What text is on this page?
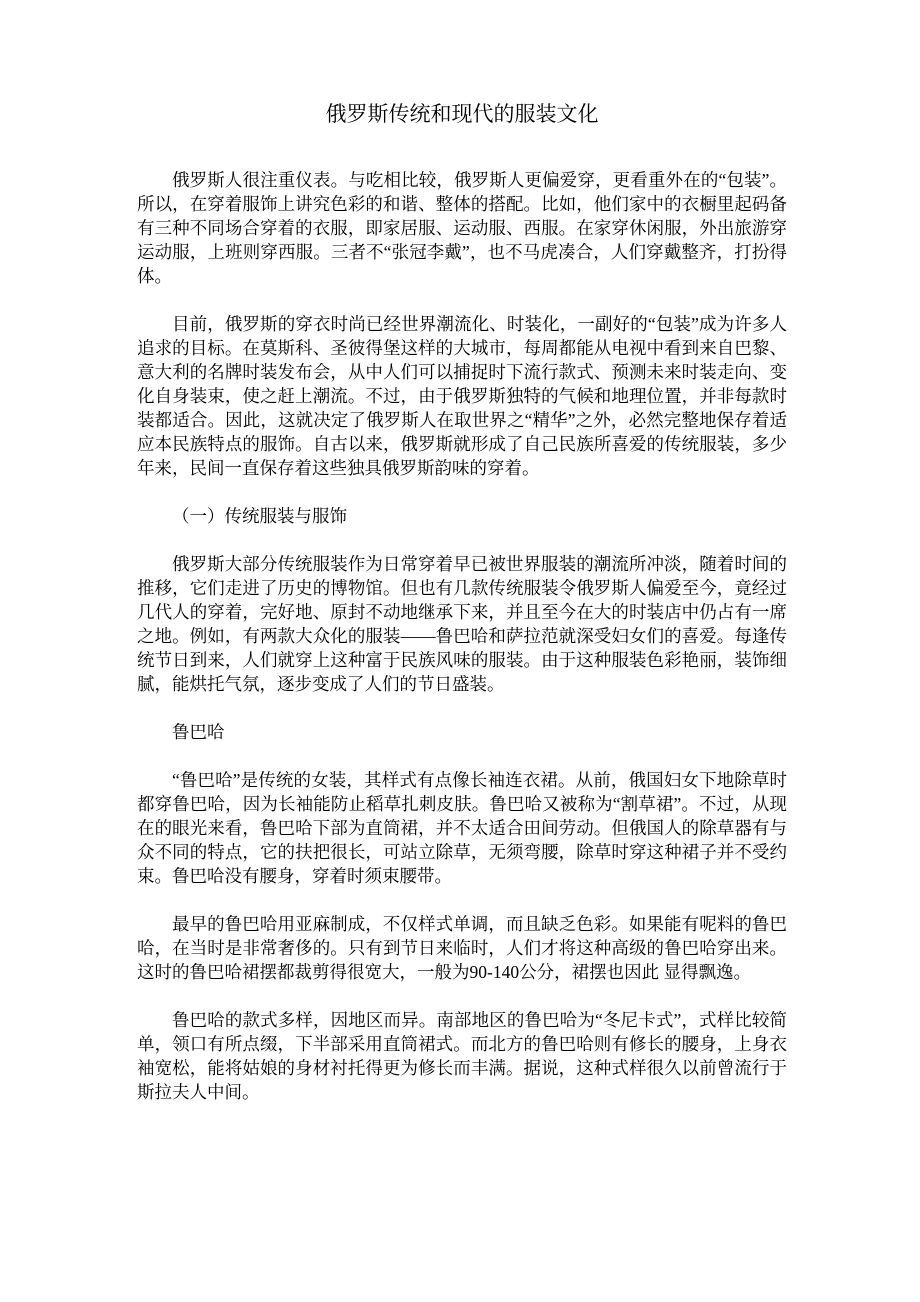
俄罗斯传统和现代的服装文化

俄罗斯人很注重仪表。与吃相比较，俄罗斯人更偏爱穿，更看重外在的“包装”。所以，在穿着服饰上讲究色彩的和谐、整体的搭配。比如，他们家中的衣橱里起码备有三种不同场合穿着的衣服，即家居服、运动服、西服。在家穿休闲服，外出旅游穿运动服，上班则穿西服。三者不“张冠李戴”，也不马虎凑合，人们穿戴整齐，打扮得体。

目前，俄罗斯的穿衣时尚已经世界潮流化、时装化，一副好的“包装”成为许多人追求的目标。在莫斯科、圣彼得堡这样的大城市，每周都能从电视中看到来自巴黎、意大利的名牌时装发布会，从中人们可以捕捉时下流行款式、预测未来时装走向、变化自身装束，使之赶上潮流。不过，由于俄罗斯独特的气候和地理位置，并非每款时装都适合。因此，这就决定了俄罗斯人在取世界之“精华”之外，必然完整地保存着适应本民族特点的服饰。自古以来，俄罗斯就形成了自己民族所喜爱的传统服装，多少年来，民间一直保存着这些独具俄罗斯韵味的穿着。

（一）传统服装与服饰

俄罗斯大部分传统服装作为日常穿着早已被世界服装的潮流所冲淡，随着时间的推移，它们走进了历史的博物馆。但也有几款传统服装令俄罗斯人偏爱至今，竟经过几代人的穿着，完好地、原封不动地继承下来，并且至今在大的时装店中仍占有一席之地。例如，有两款大众化的服装——鲁巴哈和萨拉范就深受妇女们的喜爱。每逢传统节日到来，人们就穿上这种富于民族风味的服装。由于这种服装色彩艳丽，装饰细腻，能烘托气氛，逐步变成了人们的节日盛装。

鲁巴哈

“鲁巴哈”是传统的女装，其样式有点像长袖连衣裙。从前，俄国妇女下地除草时都穿鲁巴哈，因为长袖能防止稻草扎刺皮肤。鲁巴哈又被称为“割草裙”。不过，从现在的眼光来看，鲁巴哈下部为直筒裙，并不太适合田间劳动。但俄国人的除草器有与众不同的特点，它的扶把很长，可站立除草，无须弯腰，除草时穿这种裙子并不受约束。鲁巴哈没有腰身，穿着时须束腰带。

最早的鲁巴哈用亚麻制成，不仅样式单调，而且缺乏色彩。如果能有呢料的鲁巴哈，在当时是非常奢侈的。只有到节日来临时，人们才将这种高级的鲁巴哈穿出来。这时的鲁巴哈裙摆都裁剪得很宽大，一般为90-140公分，裙摆也因此 显得飘逸。

鲁巴哈的款式多样，因地区而异。南部地区的鲁巴哈为“冬尼卡式”，式样比较简单，领口有所点缀，下半部采用直筒裙式。而北方的鲁巴哈则有修长的腰身，上身衣袖宽松，能将姑娘的身材衬托得更为修长而丰满。据说，这种式样很久以前曾流行于斯拉夫人中间。
